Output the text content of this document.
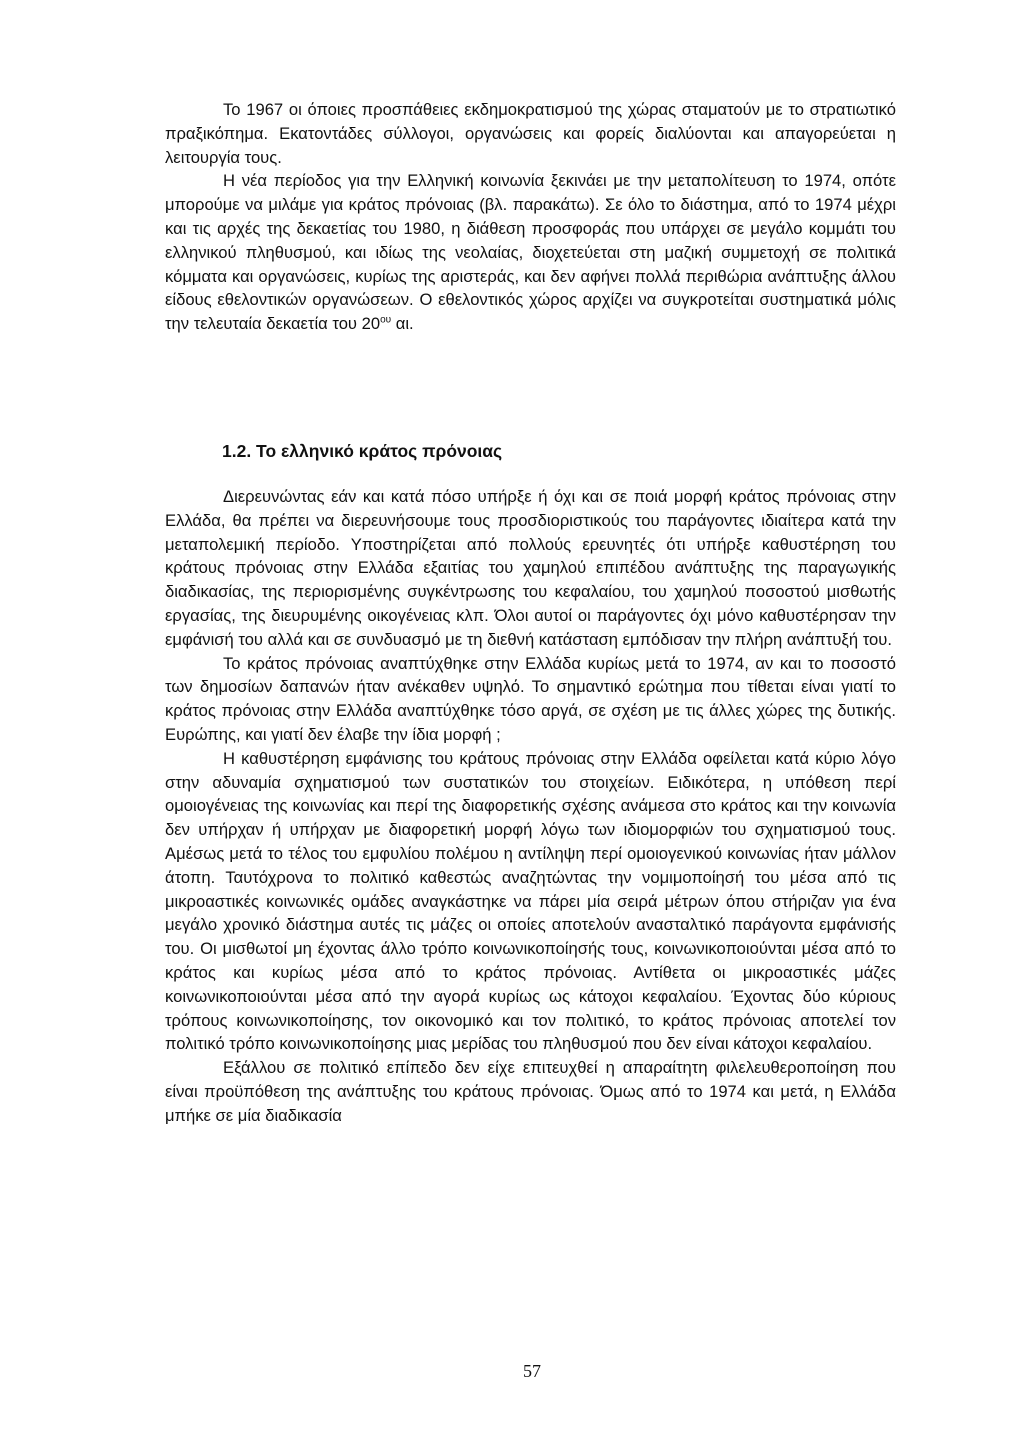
Το 1967 οι όποιες προσπάθειες εκδημοκρατισμού της χώρας σταματούν με το στρατιωτικό πραξικόπημα. Εκατοντάδες σύλλογοι, οργανώσεις και φορείς διαλύονται και απαγορεύεται η λειτουργία τους.

Η νέα περίοδος για την Ελληνική κοινωνία ξεκινάει με την μεταπολίτευση το 1974, οπότε μπορούμε να μιλάμε για κράτος πρόνοιας (βλ. παρακάτω). Σε όλο το διάστημα, από το 1974 μέχρι και τις αρχές της δεκαετίας του 1980, η διάθεση προσφοράς που υπάρχει σε μεγάλο κομμάτι του ελληνικού πληθυσμού, και ιδίως της νεολαίας, διοχετεύεται στη μαζική συμμετοχή σε πολιτικά κόμματα και οργανώσεις, κυρίως της αριστεράς, και δεν αφήνει πολλά περιθώρια ανάπτυξης άλλου είδους εθελοντικών οργανώσεων. Ο εθελοντικός χώρος αρχίζει να συγκροτείται συστηματικά μόλις την τελευταία δεκαετία του $20^{o\upsilon}$ αι.

1.2. Το ελληνικό κράτος πρόνοιας

Διερευνώντας εάν και κατά πόσο υπήρξε ή όχι και σε ποιά μορφή κράτος πρόνοιας στην Ελλάδα, θα πρέπει να διερευνήσουμε τους προσδιοριστικούς του παράγοντες ιδιαίτερα κατά την μεταπολεμική περίοδο. Υποστηρίζεται από πολλούς ερευνητές ότι υπήρξε καθυστέρηση του κράτους πρόνοιας στην Ελλάδα εξαιτίας του χαμηλού επιπέδου ανάπτυξης της παραγωγικής διαδικασίας, της περιορισμένης συγκέντρωσης του κεφαλαίου, του χαμηλού ποσοστού μισθωτής εργασίας, της διευρυμένης οικογένειας κλπ. Όλοι αυτοί οι παράγοντες όχι μόνο καθυστέρησαν την εμφάνισή του αλλά και σε συνδυασμό με τη διεθνή κατάσταση εμπόδισαν την πλήρη ανάπτυξή του.

Το κράτος πρόνοιας αναπτύχθηκε στην Ελλάδα κυρίως μετά το 1974, αν και το ποσοστό των δημοσίων δαπανών ήταν ανέκαθεν υψηλό. Το σημαντικό ερώτημα που τίθεται είναι γιατί το κράτος πρόνοιας στην Ελλάδα αναπτύχθηκε τόσο αργά, σε σχέση με τις άλλες χώρες της δυτικής. Ευρώπης, και γιατί δεν έλαβε την ίδια μορφή ;

Η καθυστέρηση εμφάνισης του κράτους πρόνοιας στην Ελλάδα οφείλεται κατά κύριο λόγο στην αδυναμία σχηματισμού των συστατικών του στοιχείων. Ειδικότερα, η υπόθεση περί ομοιογένειας της κοινωνίας και περί της διαφορετικής σχέσης ανάμεσα στο κράτος και την κοινωνία δεν υπήρχαν ή υπήρχαν με διαφορετική μορφή λόγω των ιδιομορφιών του σχηματισμού τους. Αμέσως μετά το τέλος του εμφυλίου πολέμου η αντίληψη περί ομοιογενικού κοινωνίας ήταν μάλλον άτοπη. Ταυτόχρονα το πολιτικό καθεστώς αναζητώντας την νομιμοποίησή του μέσα από τις μικροαστικές κοινωνικές ομάδες αναγκάστηκε να πάρει μία σειρά μέτρων όπου στήριζαν για ένα μεγάλο χρονικό διάστημα αυτές τις μάζες οι οποίες αποτελούν ανασταλτικό παράγοντα εμφάνισής του. Οι μισθωτοί μη έχοντας άλλο τρόπο κοινωνικοποίησής τους, κοινωνικοποιούνται μέσα από το κράτος και κυρίως μέσα από το κράτος πρόνοιας. Αντίθετα οι μικροαστικές μάζες κοινωνικοποιούνται μέσα από την αγορά κυρίως ως κάτοχοι κεφαλαίου. Έχοντας δύο κύριους τρόπους κοινωνικοποίησης, τον οικονομικό και τον πολιτικό, το κράτος πρόνοιας αποτελεί τον πολιτικό τρόπο κοινωνικοποίησης μιας μερίδας του πληθυσμού που δεν είναι κάτοχοι κεφαλαίου.

Εξάλλου σε πολιτικό επίπεδο δεν είχε επιτευχθεί η απαραίτητη φιλελευθεροποίηση που είναι προϋπόθεση της ανάπτυξης του κράτους πρόνοιας. Όμως από το 1974 και μετά, η Ελλάδα μπήκε σε μία διαδικασία

57
